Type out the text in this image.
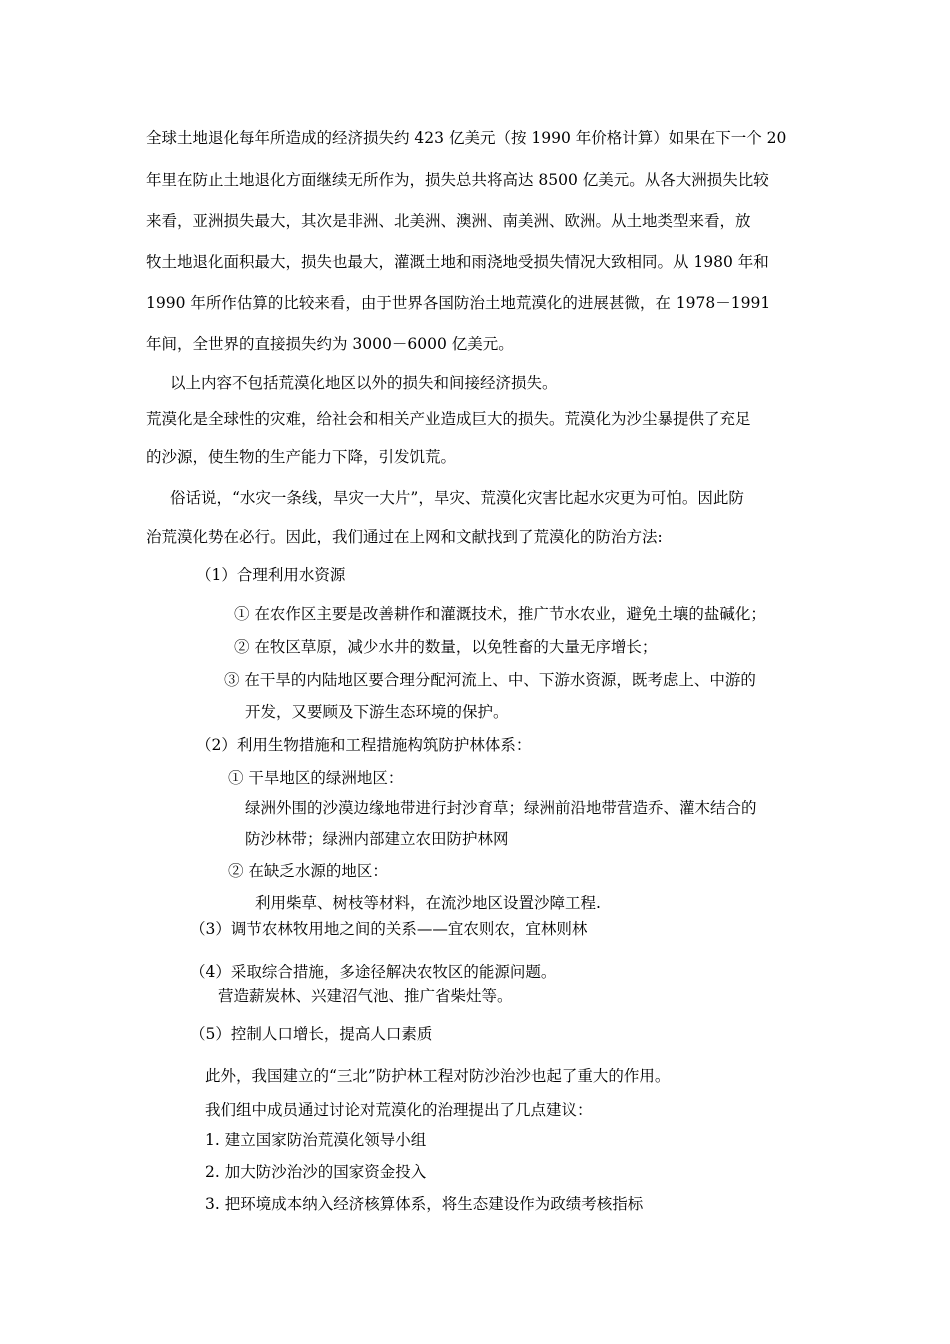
全球土地退化每年所造成的经济损失约 423 亿美元（按 1990 年价格计算）如果在下一个 20
年里在防止土地退化方面继续无所作为，损失总共将高达 8500 亿美元。从各大洲损失比较
来看，亚洲损失最大，其次是非洲、北美洲、澳洲、南美洲、欧洲。从土地类型来看，放
牧土地退化面积最大，损失也最大，灌溉土地和雨浇地受损失情况大致相同。从 1980 年和
1990 年所作估算的比较来看，由于世界各国防治土地荒漠化的进展甚微，在 1978－1991
年间，全世界的直接损失约为 3000－6000 亿美元。
以上内容不包括荒漠化地区以外的损失和间接经济损失。
荒漠化是全球性的灾难，给社会和相关产业造成巨大的损失。荒漠化为沙尘暴提供了充足
的沙源，使生物的生产能力下降，引发饥荒。
俗话说，“水灾一条线，旱灾一大片”，旱灾、荒漠化灾害比起水灾更为可怕。因此防
治荒漠化势在必行。因此，我们通过在上网和文献找到了荒漠化的防治方法:
（1）合理利用水资源
① 在农作区主要是改善耕作和灌溉技术，推广节水农业，避免土壤的盐碱化；
② 在牧区草原，减少水井的数量，以免牲畜的大量无序增长；
③ 在干旱的内陆地区要合理分配河流上、中、下游水资源，既考虑上、中游的
开发，又要顾及下游生态环境的保护。
（2）利用生物措施和工程措施构筑防护林体系：
① 干旱地区的绿洲地区：
绿洲外围的沙漠边缘地带进行封沙育草；绿洲前沿地带营造乔、灌木结合的
防沙林带；绿洲内部建立农田防护林网
② 在缺乏水源的地区：
利用柴草、树枝等材料，在流沙地区设置沙障工程.
（3）调节农林牧用地之间的关系——宜农则农，宜林则林
（4）采取综合措施，多途径解决农牧区的能源问题。
营造薪炭林、兴建沼气池、推广省柴灶等。
（5）控制人口增长，提高人口素质
此外，我国建立的“三北”防护林工程对防沙治沙也起了重大的作用。
我们组中成员通过讨论对荒漠化的治理提出了几点建议：
1. 建立国家防治荒漠化领导小组
2. 加大防沙治沙的国家资金投入
3. 把环境成本纳入经济核算体系，将生态建设作为政绩考核指标
